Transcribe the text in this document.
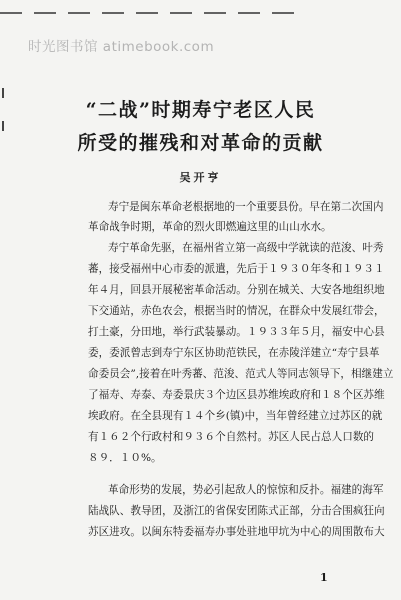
时光图书馆 atimebook.com
“二战”时期寿宁老区人民
所受的摧残和对革命的贡献
吴开亨
寿宁是闽东革命老根据地的一个重要县份。早在第二次国内
革命战争时期，革命的烈火即燃遍这里的山山水水。
寿宁革命先驱，在福州省立第一高级中学就读的范浚、叶秀
蕃，接受福州中心市委的派遣，先后于１９３０年冬和１９３１
年４月，回县开展秘密革命活动。分别在城关、大安各地组织地
下交通站，赤色农会，根据当时的情况，在群众中发展红带会，
打土豪，分田地，举行武装暴动。１９３３年５月，福安中心县
委，委派曾志到寿宁东区协助范铁民，在赤陵洋建立“寿宁县革
命委员会”,接着在叶秀蕃、范浚、范式人等同志领导下，相继建立
了福寿、寿泰、寿委景庆３个边区县苏维埃政府和１８个区苏维
埃政府。在全县现有１４个乡(镇)中，当年曾经建立过苏区的就
有１６２个行政村和９３６个自然村。苏区人民占总人口数的
８９．１０%。
革命形势的发展，势必引起敌人的惊惊和反扑。福建的海军
陆战队、教导团，及浙江的省保安团陈式正部，分击合围疯狂向
苏区进攻。以闽东特委福寿办事处驻地甲坑为中心的周围散布大
1
